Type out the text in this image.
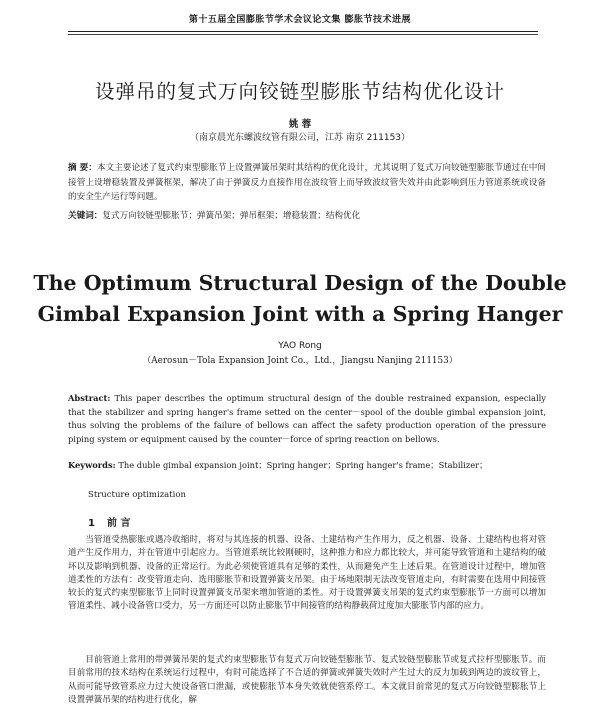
第十五届全国膨胀节学术会议论文集 膨胀节技术进展
设弹吊的复式万向铰链型膨胀节结构优化设计
姚 蓉
（南京晨光东螺波纹管有限公司，江苏 南京 211153）
摘 要：本文主要论述了复式约束型膨胀节上设置弹簧吊架时其结构的优化设计，尤其说明了复式万向铰链型膨胀节通过在中间接管上设增稳装置及弹簧框架，解决了由于弹簧反力直接作用在波纹管上而导致波纹管失效并由此影响到压力管道系统或设备的安全生产运行等问题。
关键词：复式万向铰链型膨胀节；弹簧吊架；弹吊框架；增稳装置；结构优化
The Optimum Structural Design of the Double
Gimbal Expansion Joint with a Spring Hanger
YAO Rong
（Aerosun－Tola Expansion Joint Co.，Ltd.，Jiangsu Nanjing 211153）
Abstract: This paper describes the optimum structural design of the double restrained expansion, especially that the stabilizer and spring hanger's frame setted on the center－spool of the double gimbal expansion joint, thus solving the problems of the failure of bellows can affect the safety production operation of the pressure piping system or equipment caused by the counter－force of spring reaction on bellows.
Keywords: The duble gimbal expansion joint；Spring hanger；Spring hanger's frame；Stabilizer；
Structure optimization
1 前 言
当管道受热膨胀或遇冷收缩时，将对与其连接的机器、设备、土建结构产生作用力，反之机器、设备、土建结构也将对管道产生反作用力，并在管道中引起应力。当管道系统比较刚硬时，这种推力和应力都比较大，并可能导致管道和土建结构的破坏以及影响到机器、设备的正常运行。为此必须使管道具有足够的柔性，从而避免产生上述后果。在管道设计过程中，增加管道柔性的方法有：改变管道走向、选用膨胀节和设置弹簧支吊架。由于场地限制无法改变管道走向，有时需要在选用中间接管较长的复式约束型膨胀节上同时设置弹簧支吊架来增加管道的柔性。对于设置弹簧支吊架的复式约束型膨胀节一方面可以增加管道柔性、减小设备管口受力，另一方面还可以防止膨胀节中间接管的结构静载荷过度加大膨胀节内部的应力。
目前管道上常用的带弹簧吊架的复式约束型膨胀节有复式万向铰链型膨胀节、复式铰链型膨胀节或复式拉杆型膨胀节。而目前常用的技术结构在系统运行过程中，有时可能选择了不合适的弹簧或弹簧失效时产生过大的反力加载到两边的波纹管上，从而可能导致管系应力过大使设备管口泄漏，或使膨胀节本身失效就使管系停工。本文就目前常见的复式万向铰链型膨胀节上设置弹簧吊架的结构进行优化，解
